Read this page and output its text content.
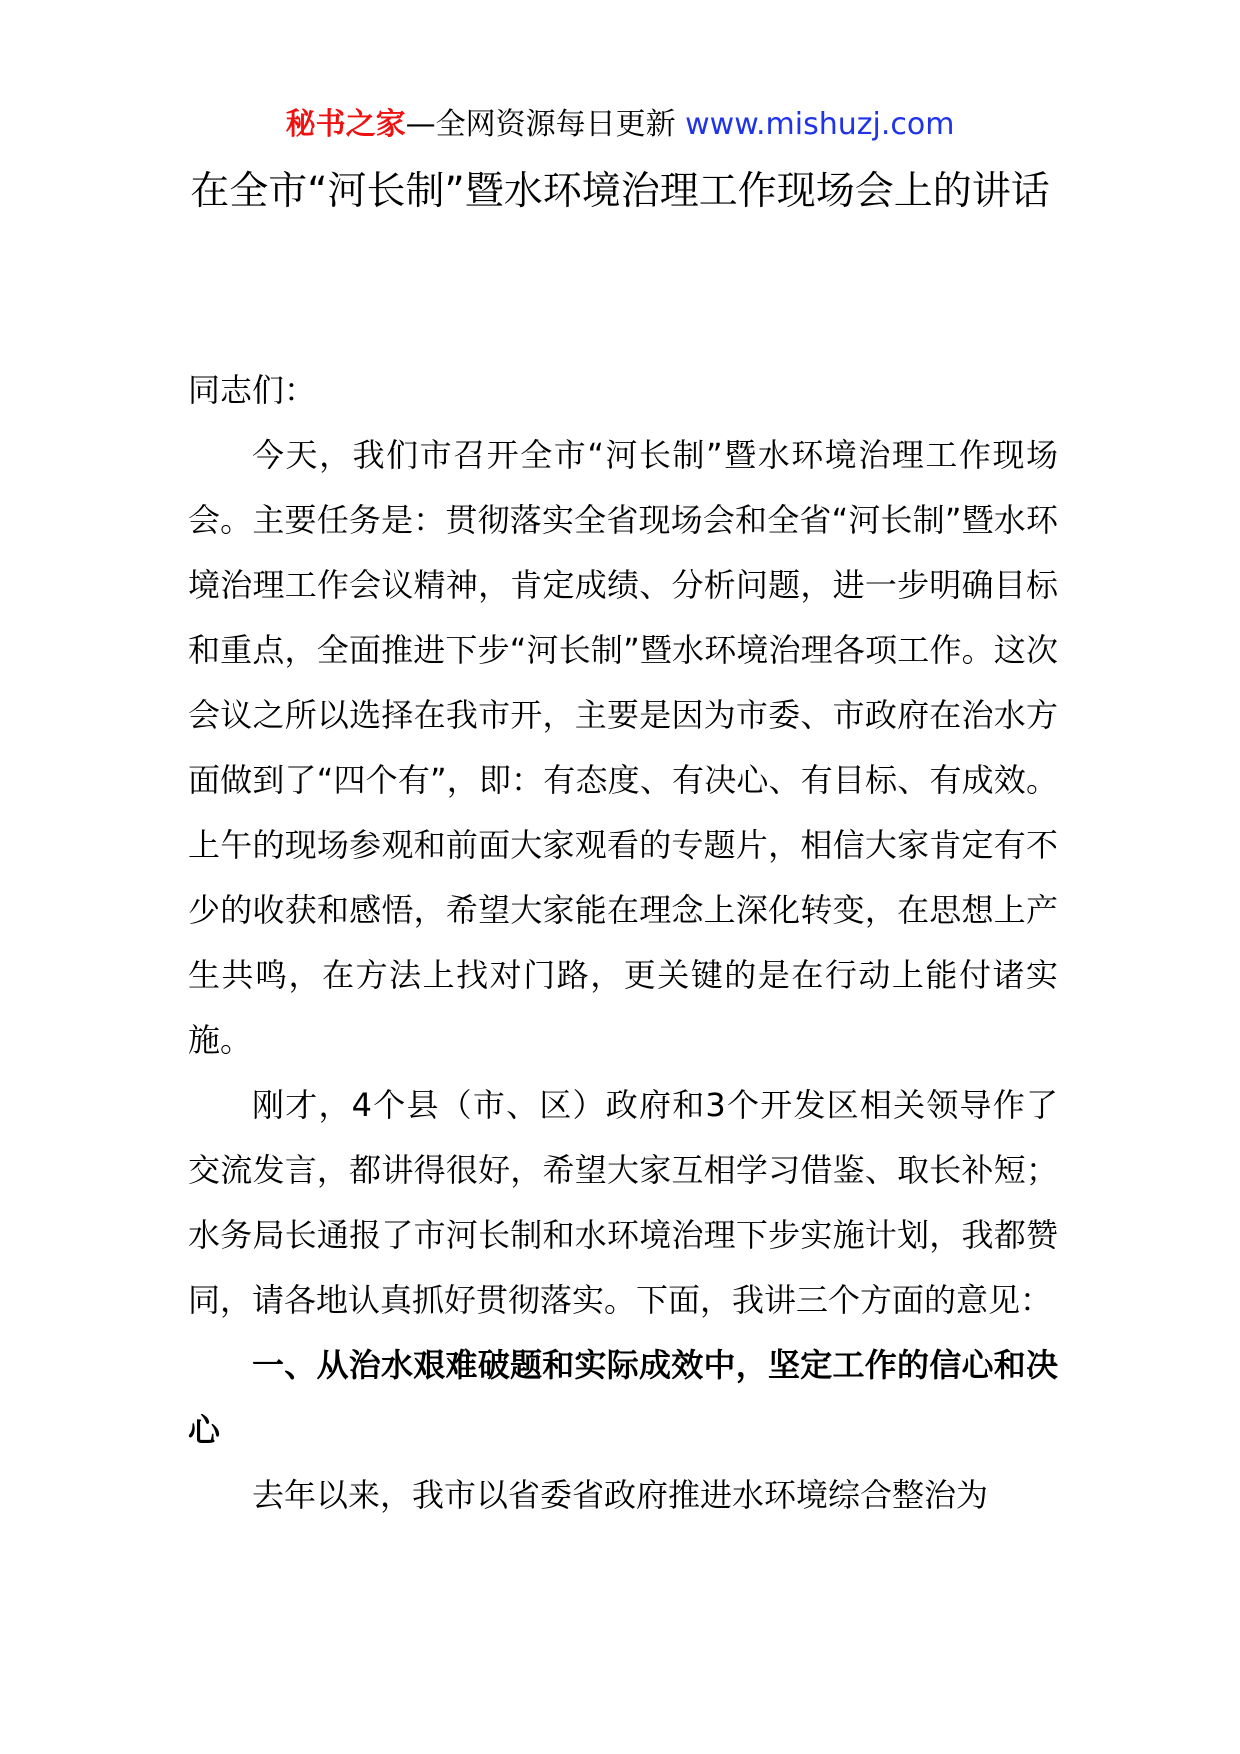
秘书之家—全网资源每日更新 www.mishuzj.com
在全市“河长制”暨水环境治理工作现场会上的讲话

同志们：

今天，我们市召开全市“河长制”暨水环境治理工作现场会。主要任务是：贯彻落实全省现场会和全省“河长制”暨水环境治理工作会议精神，肯定成绩、分析问题，进一步明确目标和重点，全面推进下步“河长制”暨水环境治理各项工作。这次会议之所以选择在我市开，主要是因为市委、市政府在治水方面做到了“四个有”，即：有态度、有决心、有目标、有成效。上午的现场参观和前面大家观看的专题片，相信大家肯定有不少的收获和感悟，希望大家能在理念上深化转变，在思想上产生共鸣，在方法上找对门路，更关键的是在行动上能付诸实施。

刚才，4个县（市、区）政府和3个开发区相关领导作了交流发言，都讲得很好，希望大家互相学习借鉴、取长补短；水务局长通报了市河长制和水环境治理下步实施计划，我都赞同，请各地认真抓好贯彻落实。下面，我讲三个方面的意见：

一、从治水艰难破题和实际成效中，坚定工作的信心和决心

去年以来，我市以省委省政府推进水环境综合整治为
